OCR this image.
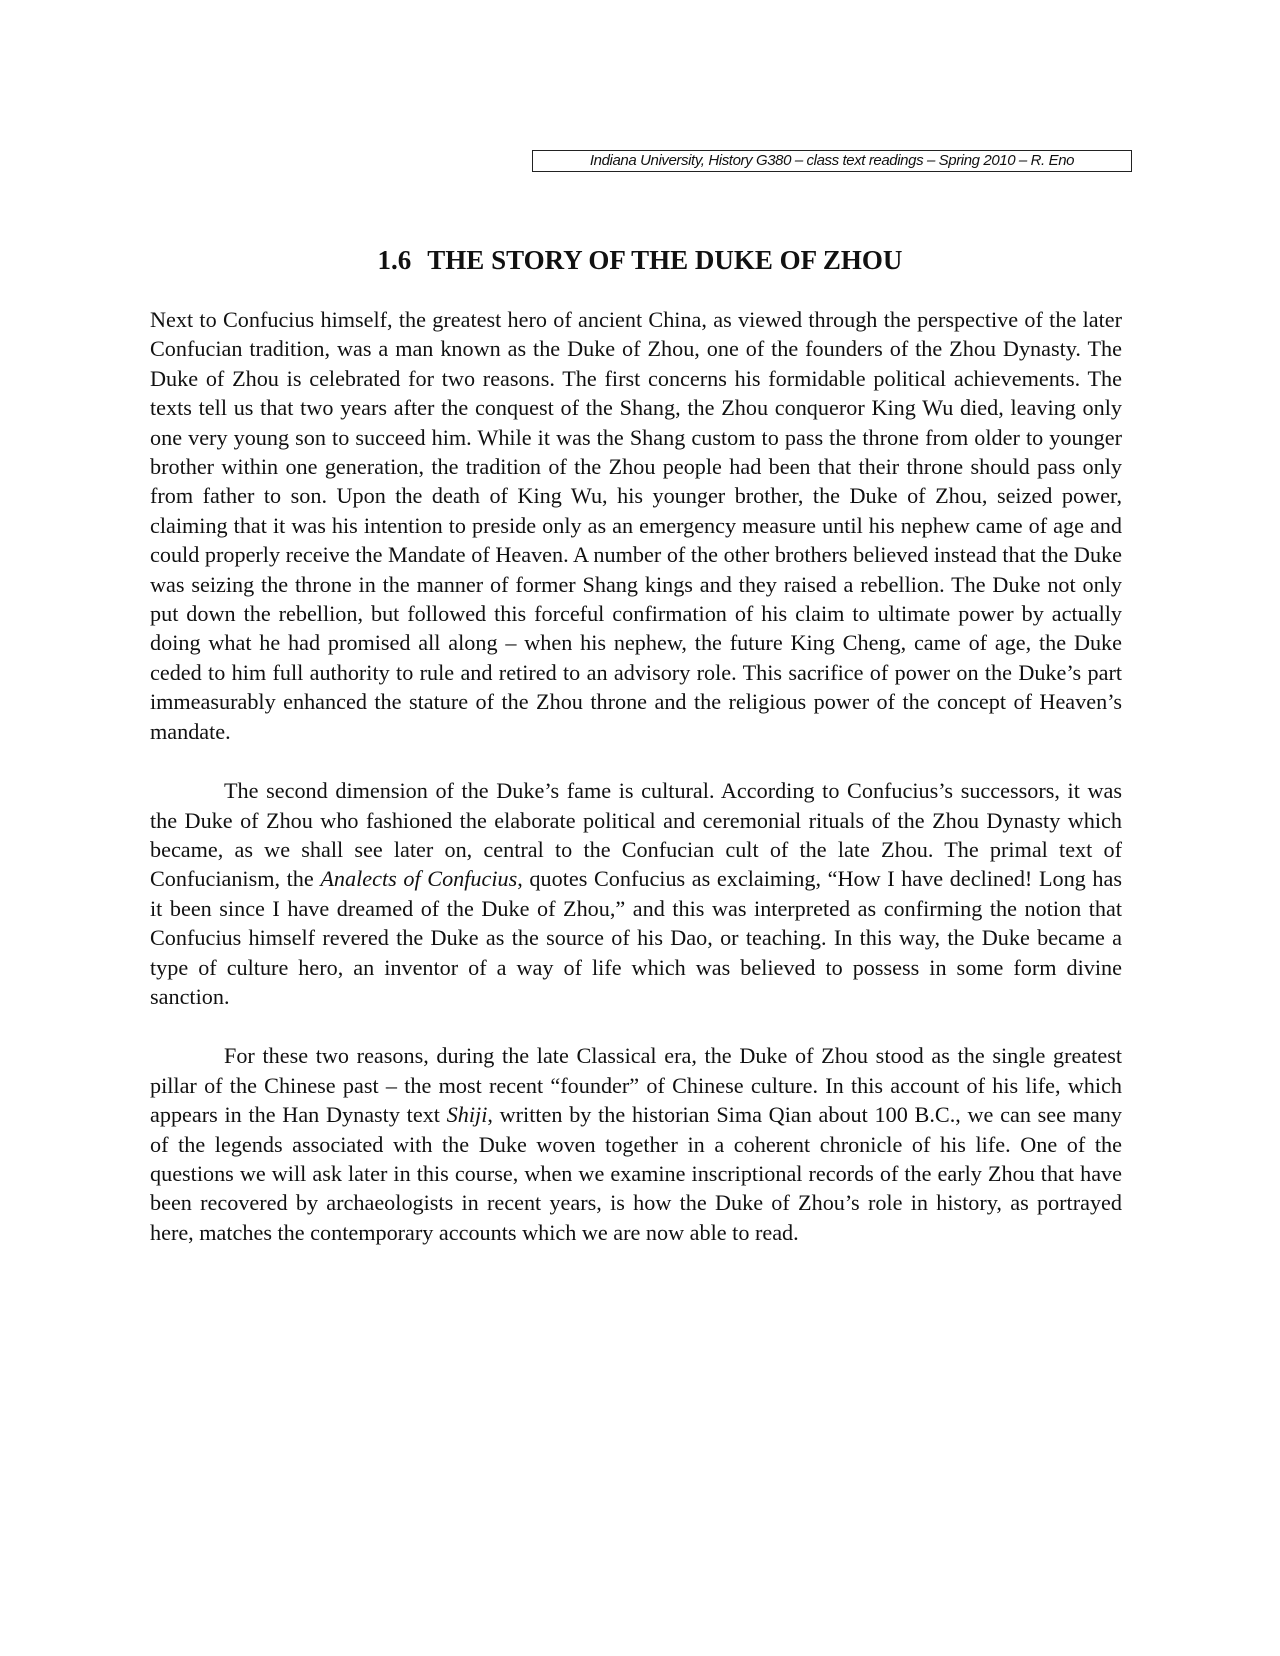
Indiana University, History G380 – class text readings – Spring 2010 – R. Eno
1.6 THE STORY OF THE DUKE OF ZHOU

Next to Confucius himself, the greatest hero of ancient China, as viewed through the perspective of the later Confucian tradition, was a man known as the Duke of Zhou, one of the founders of the Zhou Dynasty. The Duke of Zhou is celebrated for two reasons. The first concerns his formidable political achievements. The texts tell us that two years after the conquest of the Shang, the Zhou conqueror King Wu died, leaving only one very young son to succeed him. While it was the Shang custom to pass the throne from older to younger brother within one generation, the tradition of the Zhou people had been that their throne should pass only from father to son. Upon the death of King Wu, his younger brother, the Duke of Zhou, seized power, claiming that it was his intention to preside only as an emergency measure until his nephew came of age and could properly receive the Mandate of Heaven. A number of the other brothers believed instead that the Duke was seizing the throne in the manner of former Shang kings and they raised a rebellion. The Duke not only put down the rebellion, but followed this forceful confirmation of his claim to ultimate power by actually doing what he had promised all along – when his nephew, the future King Cheng, came of age, the Duke ceded to him full authority to rule and retired to an advisory role. This sacrifice of power on the Duke’s part immeasurably enhanced the stature of the Zhou throne and the religious power of the concept of Heaven’s mandate.

The second dimension of the Duke’s fame is cultural. According to Confucius’s successors, it was the Duke of Zhou who fashioned the elaborate political and ceremonial rituals of the Zhou Dynasty which became, as we shall see later on, central to the Confucian cult of the late Zhou. The primal text of Confucianism, the Analects of Confucius, quotes Confucius as exclaiming, “How I have declined! Long has it been since I have dreamed of the Duke of Zhou,” and this was interpreted as confirming the notion that Confucius himself revered the Duke as the source of his Dao, or teaching. In this way, the Duke became a type of culture hero, an inventor of a way of life which was believed to possess in some form divine sanction.

For these two reasons, during the late Classical era, the Duke of Zhou stood as the single greatest pillar of the Chinese past – the most recent “founder” of Chinese culture. In this account of his life, which appears in the Han Dynasty text Shiji, written by the historian Sima Qian about 100 B.C., we can see many of the legends associated with the Duke woven together in a coherent chronicle of his life. One of the questions we will ask later in this course, when we examine inscriptional records of the early Zhou that have been recovered by archaeologists in recent years, is how the Duke of Zhou’s role in history, as portrayed here, matches the contemporary accounts which we are now able to read.
